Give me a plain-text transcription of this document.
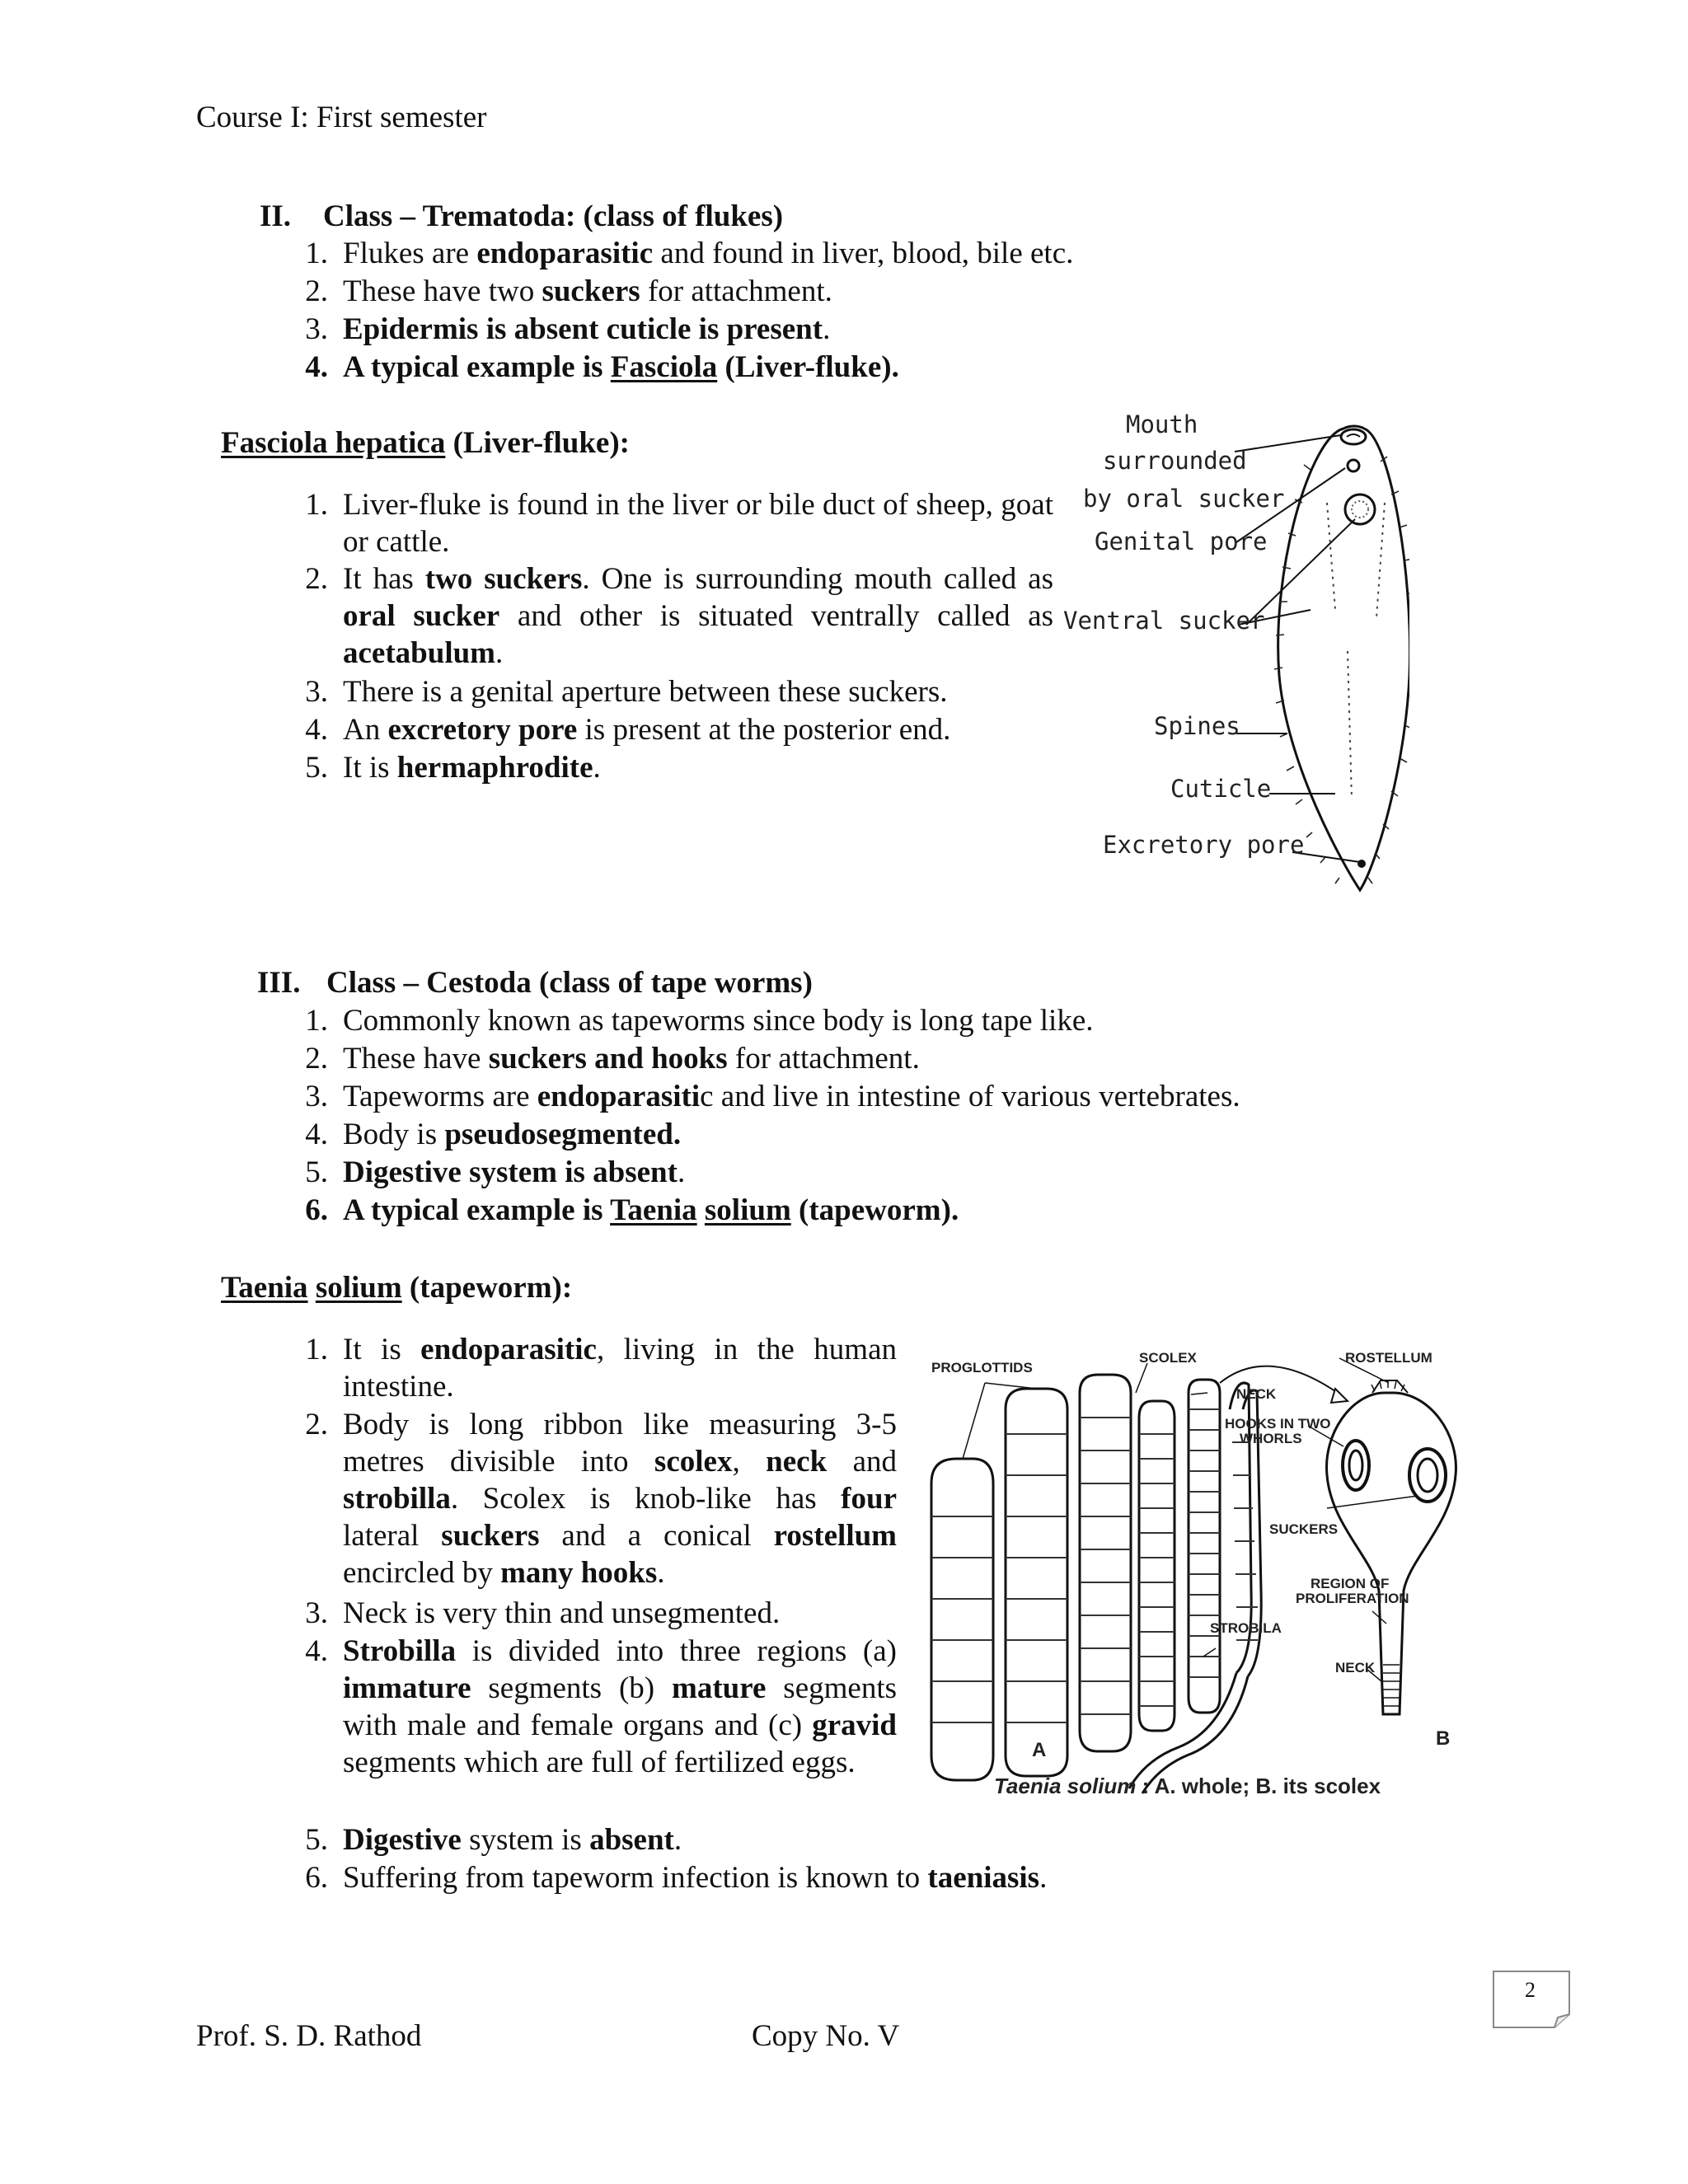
Course I: First semester
II. Class – Trematoda: (class of flukes)
1. Flukes are endoparasitic and found in liver, blood, bile etc.
2. These have two suckers for attachment.
3. Epidermis is absent cuticle is present.
4. A typical example is Fasciola (Liver-fluke).
Fasciola hepatica (Liver-fluke):
1. Liver-fluke is found in the liver or bile duct of sheep, goat or cattle.
2. It has two suckers. One is surrounding mouth called as oral sucker and other is situated ventrally called as acetabulum.
3. There is a genital aperture between these suckers.
4. An excretory pore is present at the posterior end.
5. It is hermaphrodite.
Mouth
surrounded
by oral sucker
Genital pore
Ventral sucker
Spines
Cuticle
Excretory pore
III. Class – Cestoda (class of tape worms)
1. Commonly known as tapeworms since body is long tape like.
2. These have suckers and hooks for attachment.
3. Tapeworms are endoparasitic and live in intestine of various vertebrates.
4. Body is pseudosegmented.
5. Digestive system is absent.
6. A typical example is Taenia solium (tapeworm).
Taenia solium (tapeworm):
1. It is endoparasitic, living in the human intestine.
2. Body is long ribbon like measuring 3-5 metres divisible into scolex, neck and strobilla. Scolex is knob-like has four lateral suckers and a conical rostellum encircled by many hooks.
3. Neck is very thin and unsegmented.
4. Strobilla is divided into three regions (a) immature segments (b) mature segments with male and female organs and (c) gravid segments which are full of fertilized eggs.
5. Digestive system is absent.
6. Suffering from tapeworm infection is known to taeniasis.
PROGLOTTIDS
SCOLEX	ROSTELLUM
NECK
HOOKS IN TWO
WHORLS
SUCKERS
REGION OF
PROLIFERATION
STROBILA
NECK
A
B
Taenia solium : A. whole; B. its scolex
2
Prof. S. D. Rathod	Copy No. V
